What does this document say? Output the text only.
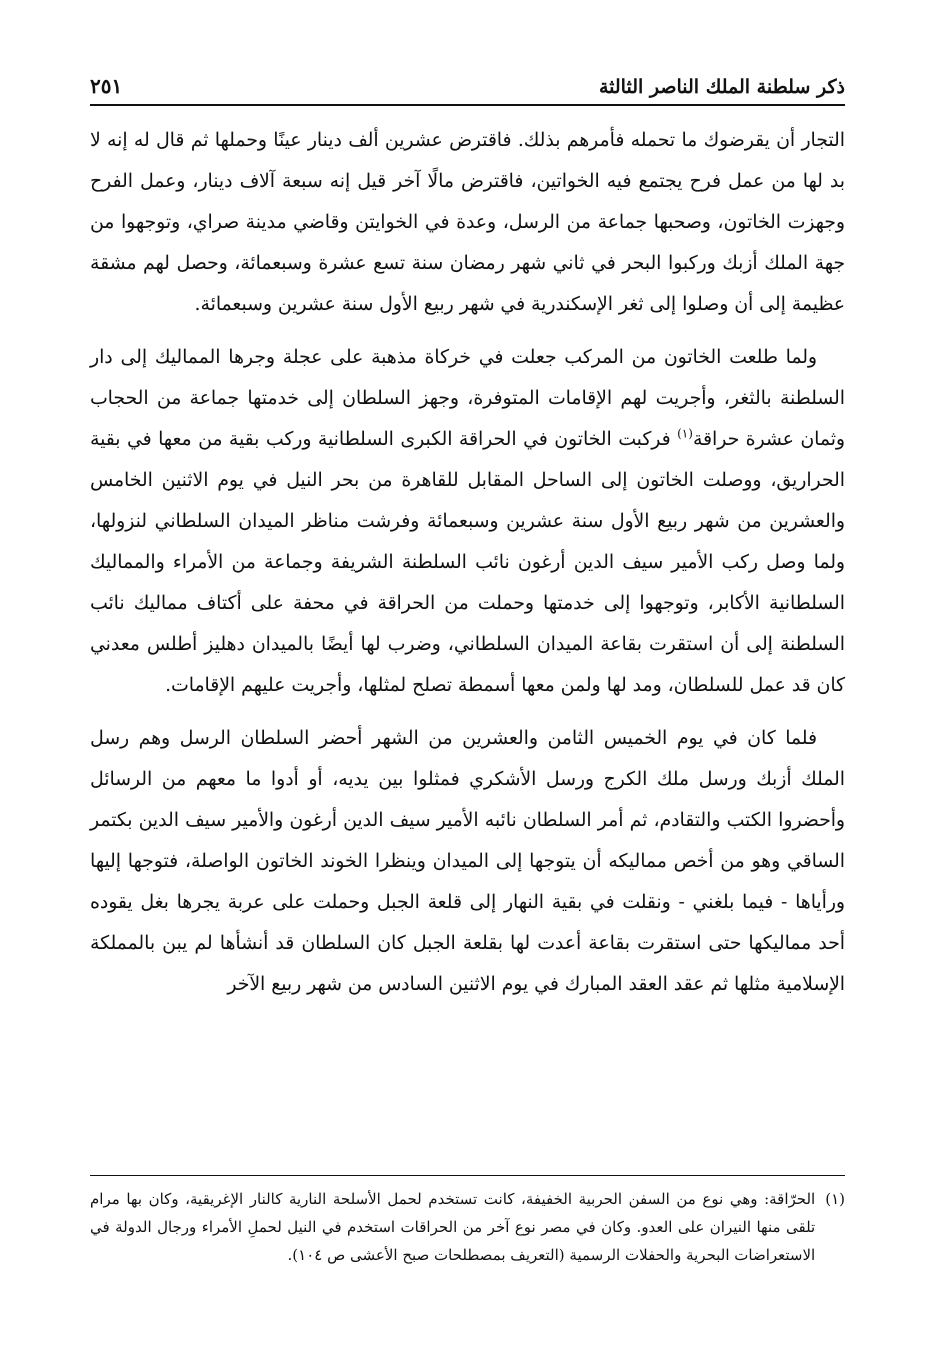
ذكر سلطنة الملك الناصر الثالثة
٢٥١

التجار أن يقرضوك ما تحمله فأمرهم بذلك. فاقترض عشرين ألف دينار عينًا وحملها ثم قال له إنه لا بد لها من عمل فرح يجتمع فيه الخواتين، فاقترض مالًا آخر قيل إنه سبعة آلاف دينار، وعمل الفرح وجهزت الخاتون، وصحبها جماعة من الرسل، وعدة في الخوايتن وقاضي مدينة صراي، وتوجهوا من جهة الملك أزبك وركبوا البحر في ثاني شهر رمضان سنة تسع عشرة وسبعمائة، وحصل لهم مشقة عظيمة إلى أن وصلوا إلى ثغر الإسكندرية في شهر ربيع الأول سنة عشرين وسبعمائة.

ولما طلعت الخاتون من المركب جعلت في خركاة مذهبة على عجلة وجرها المماليك إلى دار السلطنة بالثغر، وأجريت لهم الإقامات المتوفرة، وجهز السلطان إلى خدمتها جماعة من الحجاب وثمان عشرة حراقة$^{(١)}$ فركبت الخاتون في الحراقة الكبرى السلطانية وركب بقية من معها في بقية الحراريق، ووصلت الخاتون إلى الساحل المقابل للقاهرة من بحر النيل في يوم الاثنين الخامس والعشرين من شهر ربيع الأول سنة عشرين وسبعمائة وفرشت مناظر الميدان السلطاني لنزولها، ولما وصل ركب الأمير سيف الدين أرغون نائب السلطنة الشريفة وجماعة من الأمراء والمماليك السلطانية الأكابر، وتوجهوا إلى خدمتها وحملت من الحراقة في محفة على أكتاف مماليك نائب السلطنة إلى أن استقرت بقاعة الميدان السلطاني، وضرب لها أيضًا بالميدان دهليز أطلس معدني كان قد عمل للسلطان، ومد لها ولمن معها أسمطة تصلح لمثلها، وأجريت عليهم الإقامات.

فلما كان في يوم الخميس الثامن والعشرين من الشهر أحضر السلطان الرسل وهم رسل الملك أزبك ورسل ملك الكرج ورسل الأشكري فمثلوا بين يديه، أو أدوا ما معهم من الرسائل وأحضروا الكتب والتقادم، ثم أمر السلطان نائبه الأمير سيف الدين أرغون والأمير سيف الدين بكتمر الساقي وهو من أخص مماليكه أن يتوجها إلى الميدان وينظرا الخوند الخاتون الواصلة، فتوجها إليها ورأياها - فيما بلغني - ونقلت في بقية النهار إلى قلعة الجبل وحملت على عربة يجرها بغل يقوده أحد مماليكها حتى استقرت بقاعة أعدت لها بقلعة الجبل كان السلطان قد أنشأها لم يبن بالمملكة الإسلامية مثلها ثم عقد العقد المبارك في يوم الاثنين السادس من شهر ربيع الآخر

(١)
الحرّاقة: وهي نوع من السفن الحربية الخفيفة، كانت تستخدم لحمل الأسلحة النارية كالنار الإغريقية، وكان بها مرام تلقى منها النيران على العدو. وكان في مصر نوع آخر من الحراقات استخدم في النيل لحملِ الأمراء ورجال الدولة في الاستعراضات البحرية والحفلات الرسمية (التعريف بمصطلحات صبح الأعشى ص ١٠٤).
